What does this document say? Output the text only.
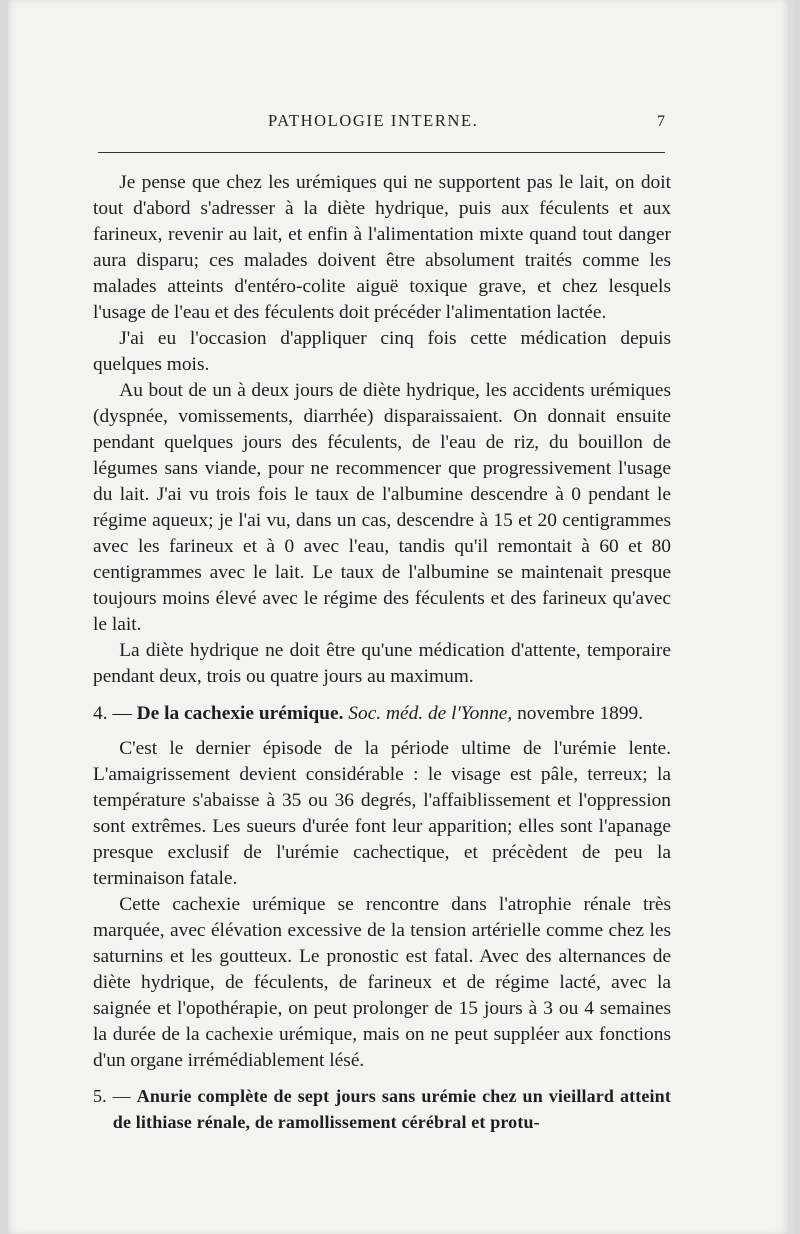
PATHOLOGIE INTERNE.	7

Je pense que chez les urémiques qui ne supportent pas le lait, on doit tout d'abord s'adresser à la diète hydrique, puis aux féculents et aux farineux, revenir au lait, et enfin à l'alimentation mixte quand tout danger aura disparu; ces malades doivent être absolument traités comme les malades atteints d'entéro-colite aiguë toxique grave, et chez lesquels l'usage de l'eau et des féculents doit précéder l'alimentation lactée.

J'ai eu l'occasion d'appliquer cinq fois cette médication depuis quelques mois.

Au bout de un à deux jours de diète hydrique, les accidents urémiques (dyspnée, vomissements, diarrhée) disparaissaient. On donnait ensuite pendant quelques jours des féculents, de l'eau de riz, du bouillon de légumes sans viande, pour ne recommencer que progressivement l'usage du lait. J'ai vu trois fois le taux de l'albumine descendre à 0 pendant le régime aqueux; je l'ai vu, dans un cas, descendre à 15 et 20 centigrammes avec les farineux et à 0 avec l'eau, tandis qu'il remontait à 60 et 80 centigrammes avec le lait. Le taux de l'albumine se maintenait presque toujours moins élevé avec le régime des féculents et des farineux qu'avec le lait.

La diète hydrique ne doit être qu'une médication d'attente, temporaire pendant deux, trois ou quatre jours au maximum.

4. — De la cachexie urémique. Soc. méd. de l'Yonne, novembre 1899.

C'est le dernier épisode de la période ultime de l'urémie lente. L'amaigrissement devient considérable : le visage est pâle, terreux; la température s'abaisse à 35 ou 36 degrés, l'affaiblissement et l'oppression sont extrêmes. Les sueurs d'urée font leur apparition; elles sont l'apanage presque exclusif de l'urémie cachectique, et précèdent de peu la terminaison fatale.

Cette cachexie urémique se rencontre dans l'atrophie rénale très marquée, avec élévation excessive de la tension artérielle comme chez les saturnins et les goutteux. Le pronostic est fatal. Avec des alternances de diète hydrique, de féculents, de farineux et de régime lacté, avec la saignée et l'opothérapie, on peut prolonger de 15 jours à 3 ou 4 semaines la durée de la cachexie urémique, mais on ne peut suppléer aux fonctions d'un organe irrémédiablement lésé.

5. — Anurie complète de sept jours sans urémie chez un vieillard atteint de lithiase rénale, de ramollissement cérébral et protu-
